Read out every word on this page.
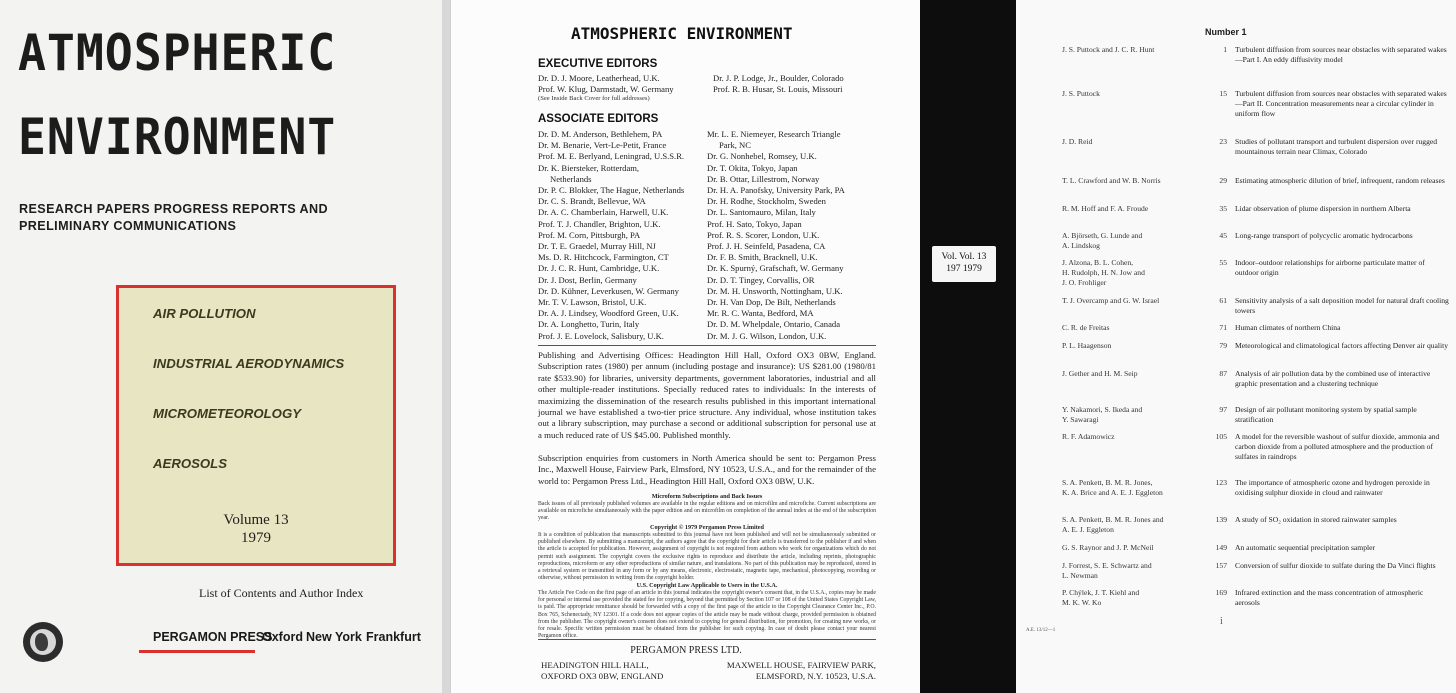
ATMOSPHERIC
ENVIRONMENT
RESEARCH PAPERS PROGRESS REPORTS AND
PRELIMINARY COMMUNICATIONS
AIR POLLUTION
INDUSTRIAL AERODYNAMICS
MICROMETEOROLOGY
AEROSOLS
Volume 13
1979
List of Contents and Author Index
PERGAMON PRESS
Oxford New York Frankfurt
ATMOSPHERIC ENVIRONMENT
EXECUTIVE EDITORS
Dr. D. J. Moore, Leatherhead, U.K.
Prof. W. Klug, Darmstadt, W. Germany
(See Inside Back Cover for full addresses)
Dr. J. P. Lodge, Jr., Boulder, Colorado
Prof. R. B. Husar, St. Louis, Missouri
ASSOCIATE EDITORS
Dr. D. M. Anderson, Bethlehem, PA
Dr. M. Benarie, Vert-Le-Petit, France
Prof. M. E. Berlyand, Leningrad, U.S.S.R.
Dr. K. Biersteker, Rotterdam,
Netherlands
Dr. P. C. Blokker, The Hague, Netherlands
Dr. C. S. Brandt, Bellevue, WA
Dr. A. C. Chamberlain, Harwell, U.K.
Prof. T. J. Chandler, Brighton, U.K.
Prof. M. Corn, Pittsburgh, PA
Dr. T. E. Graedel, Murray Hill, NJ
Ms. D. R. Hitchcock, Farmington, CT
Dr. J. C. R. Hunt, Cambridge, U.K.
Dr. J. Dost, Berlin, Germany
Dr. D. Kühner, Leverkusen, W. Germany
Mr. T. V. Lawson, Bristol, U.K.
Dr. A. J. Lindsey, Woodford Green, U.K.
Dr. A. Longhetto, Turin, Italy
Prof. J. E. Lovelock, Salisbury, U.K.
Mr. L. E. Niemeyer, Research Triangle
Park, NC
Dr. G. Nonhebel, Romsey, U.K.
Dr. T. Okita, Tokyo, Japan
Dr. B. Ottar, Lillestrom, Norway
Dr. H. A. Panofsky, University Park, PA
Dr. H. Rodhe, Stockholm, Sweden
Dr. L. Santomauro, Milan, Italy
Prof. H. Sato, Tokyo, Japan
Prof. R. S. Scorer, London, U.K.
Prof. J. H. Seinfeld, Pasadena, CA
Dr. F. B. Smith, Bracknell, U.K.
Dr. K. Spurný, Grafschaft, W. Germany
Dr. D. T. Tingey, Corvallis, OR
Dr. M. H. Unsworth, Nottingham, U.K.
Dr. H. Van Dop, De Bilt, Netherlands
Mr. R. C. Wanta, Bedford, MA
Dr. D. M. Whelpdale, Ontario, Canada
Dr. M. J. G. Wilson, London, U.K.
Publishing and Advertising Offices: Headington Hill Hall, Oxford OX3 0BW, England. Subscription rates (1980) per annum (including postage and insurance): US $281.00 (1980/81 rate $533.90) for libraries, university departments, government laboratories, industrial and all other multiple-reader institutions. Specially reduced rates to individuals: In the interests of maximizing the dissemination of the research results published in this important international journal we have established a two-tier price structure. Any individual, whose institution takes out a library subscription, may purchase a second or additional subscription for personal use at a much reduced rate of US $45.00. Published monthly.
Subscription enquiries from customers in North America should be sent to: Pergamon Press Inc., Maxwell House, Fairview Park, Elmsford, NY 10523, U.S.A., and for the remainder of the world to: Pergamon Press Ltd., Headington Hill Hall, Oxford OX3 0BW, U.K.
Microform Subscriptions and Back Issues
Back issues of all previously published volumes are available in the regular editions and on microfilm and microfiche. Current subscriptions are available on microfiche simultaneously with the paper edition and on microfilm on completion of the annual index at the end of the subscription year.
Copyright © 1979 Pergamon Press Limited
It is a condition of publication that manuscripts submitted to this journal have not been published and will not be simultaneously submitted or published elsewhere. By submitting a manuscript, the authors agree that the copyright for their article is transferred to the publisher if and when the article is accepted for publication. However, assignment of copyright is not required from authors who work for organizations which do not permit such assignment. The copyright covers the exclusive rights to reproduce and distribute the article, including reprints, photographic reproductions, microform or any other reproductions of similar nature, and translations. No part of this publication may be reproduced, stored in a retrieval system or transmitted in any form or by any means, electronic, electrostatic, magnetic tape, mechanical, photocopying, recording or otherwise, without permission in writing from the copyright holder.
U.S. Copyright Law Applicable to Users in the U.S.A.
The Article Fee Code on the first page of an article in this journal indicates the copyright owner's consent that, in the U.S.A., copies may be made for personal or internal use provided the stated fee for copying, beyond that permitted by Section 107 or 108 of the United States Copyright Law, is paid. The appropriate remittance should be forwarded with a copy of the first page of the article to the Copyright Clearance Center Inc., P.O. Box 765, Schenectady, NY 12301. If a code does not appear copies of the article may be made without charge, provided permission is obtained from the publisher. The copyright owner's consent does not extend to copying for general distribution, for promotion, for creating new works, or for resale. Specific written permission must be obtained from the publisher for such copying. In case of doubt please contact your nearest Pergamon office.
PERGAMON PRESS LTD.
HEADINGTON HILL HALL,
OXFORD OX3 0BW, ENGLAND
MAXWELL HOUSE, FAIRVIEW PARK,
ELMSFORD, N.Y. 10523, U.S.A.
Vol. Vol. 13
197 1979
Number 1
J. S. Puttock and J. C. R. Hunt	1 Turbulent diffusion from sources near obstacles with separated wakes—Part I. An eddy diffusivity model
J. S. Puttock	15 Turbulent diffusion from sources near obstacles with separated wakes—Part II. Concentration measurements near a circular cylinder in uniform flow
J. D. Reid	23 Studies of pollutant transport and turbulent dispersion over rugged mountainous terrain near Climax, Colorado
T. L. Crawford and W. B. Norris	29 Estimating atmospheric dilution of brief, infrequent, random releases
R. M. Hoff and F. A. Froude	35 Lidar observation of plume dispersion in northern Alberta
A. Björseth, G. Lunde and
A. Lindskog
45 Long-range transport of polycyclic aromatic hydrocarbons
J. Alzona, B. L. Cohen,
H. Rudolph, H. N. Jow and
J. O. Frohliger
55 Indoor–outdoor relationships for airborne particulate matter of outdoor origin
T. J. Overcamp and G. W. Israel	61 Sensitivity analysis of a salt deposition model for natural draft cooling towers
C. R. de Freitas	71 Human climates of northern China
P. L. Haagenson	79 Meteorological and climatological factors affecting Denver air quality
J. Gether and H. M. Seip	87 Analysis of air pollution data by the combined use of interactive graphic presentation and a clustering technique
Y. Nakamori, S. Ikeda and
Y. Sawaragi
97 Design of air pollutant monitoring system by spatial sample stratification
R. F. Adamowicz	105 A model for the reversible washout of sulfur dioxide, ammonia and carbon dioxide from a polluted atmosphere and the production of sulfates in raindrops
S. A. Penkett, B. M. R. Jones,
K. A. Brice and A. E. J. Eggleton
123 The importance of atmospheric ozone and hydrogen peroxide in oxidising sulphur dioxide in cloud and rainwater
S. A. Penkett, B. M. R. Jones and
A. E. J. Eggleton
139 A study of SO₂ oxidation in stored rainwater samples
G. S. Raynor and J. P. McNeil	149 An automatic sequential precipitation sampler
J. Forrest, S. E. Schwartz and
L. Newman
157 Conversion of sulfur dioxide to sulfate during the Da Vinci flights
P. Chýlek, J. T. Kiehl and
M. K. W. Ko
169 Infrared extinction and the mass concentration of atmospheric aerosols
i
A.E. 13/12—1
